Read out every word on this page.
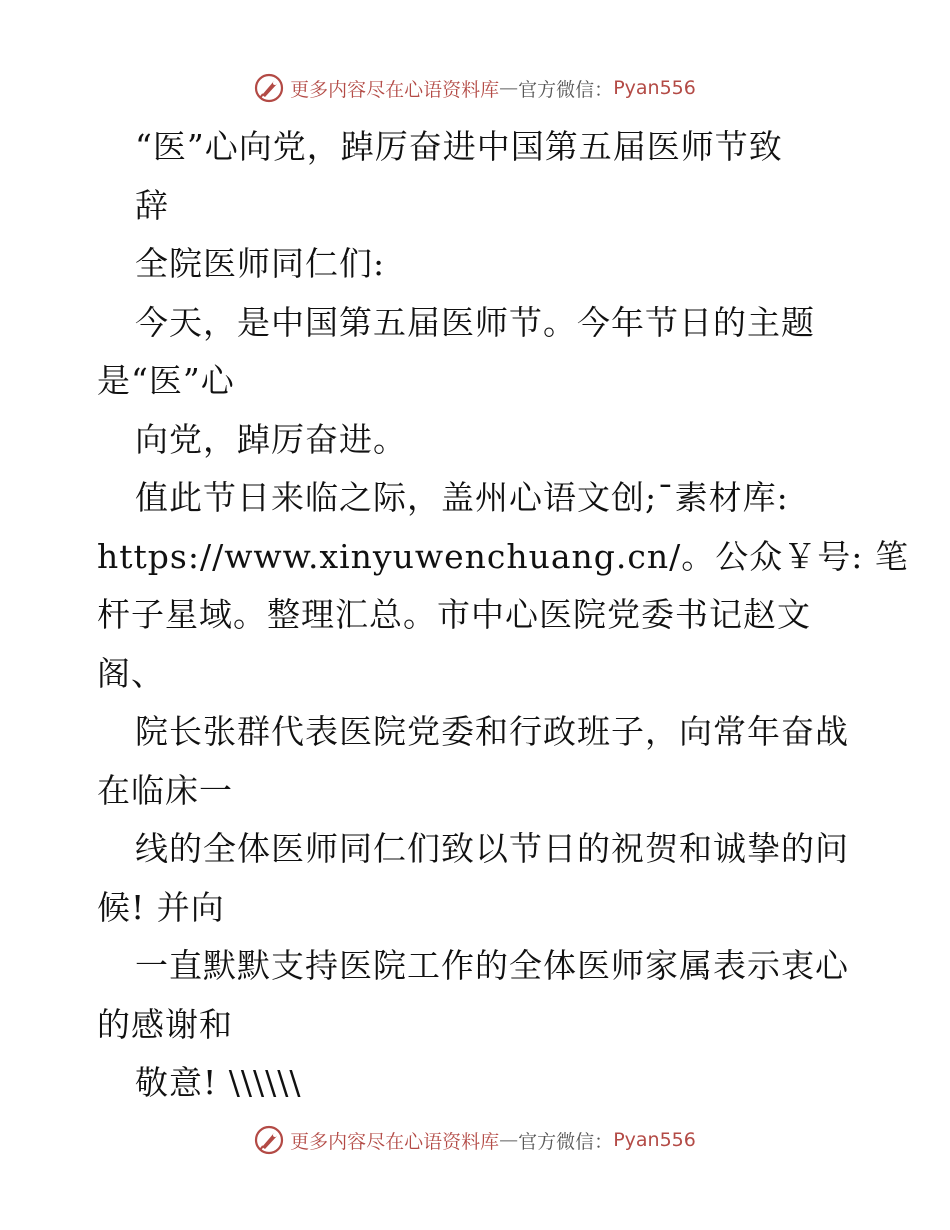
更多内容尽在心语资料库 — 官方微信： Pyan556
“医”心向党，踔厉奋进中国第五届医师节致
辞
全院医师同仁们:
今天，是中国第五届医师节。今年节日的主题
是“医”心
向党，踔厉奋进。
值此节日来临之际，盖州心语文创;¯素材库:
https://www.xinyuwenchuang.cn/。公众￥号: 笔
杆子星域。整理汇总。市中心医院党委书记赵文
阁、
院长张群代表医院党委和行政班子，向常年奋战
在临床一
线的全体医师同仁们致以节日的祝贺和诚挚的问
候! 并向
一直默默支持医院工作的全体医师家属表示衷心
的感谢和
敬意! \\\\\\
更多内容尽在心语资料库 — 官方微信： Pyan556
